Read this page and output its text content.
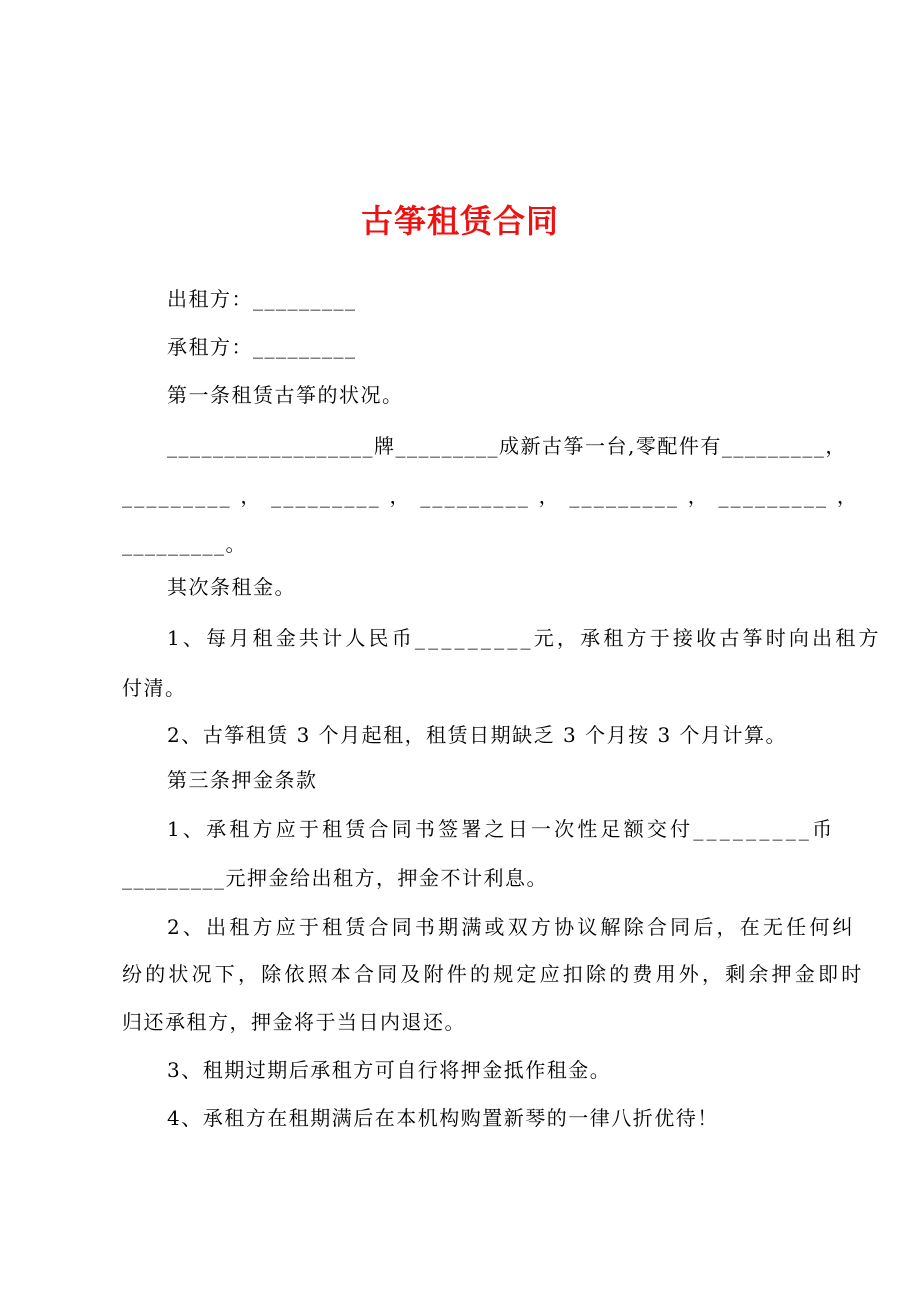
古筝租赁合同
出租方：_________
承租方：_________
第一条租赁古筝的状况。
__________________牌_________成新古筝一台,零配件有_________，
_________ ， _________ ， _________ ， _________ ， _________ ，
_________。
其次条租金。
1、每月租金共计人民币_________元，承租方于接收古筝时向出租方
付清。
2、古筝租赁 3 个月起租，租赁日期缺乏 3 个月按 3 个月计算。
第三条押金条款
1、承租方应于租赁合同书签署之日一次性足额交付_________币
_________元押金给出租方，押金不计利息。
2、出租方应于租赁合同书期满或双方协议解除合同后，在无任何纠
纷的状况下，除依照本合同及附件的规定应扣除的费用外，剩余押金即时
归还承租方，押金将于当日内退还。
3、租期过期后承租方可自行将押金抵作租金。
4、承租方在租期满后在本机构购置新琴的一律八折优待！
